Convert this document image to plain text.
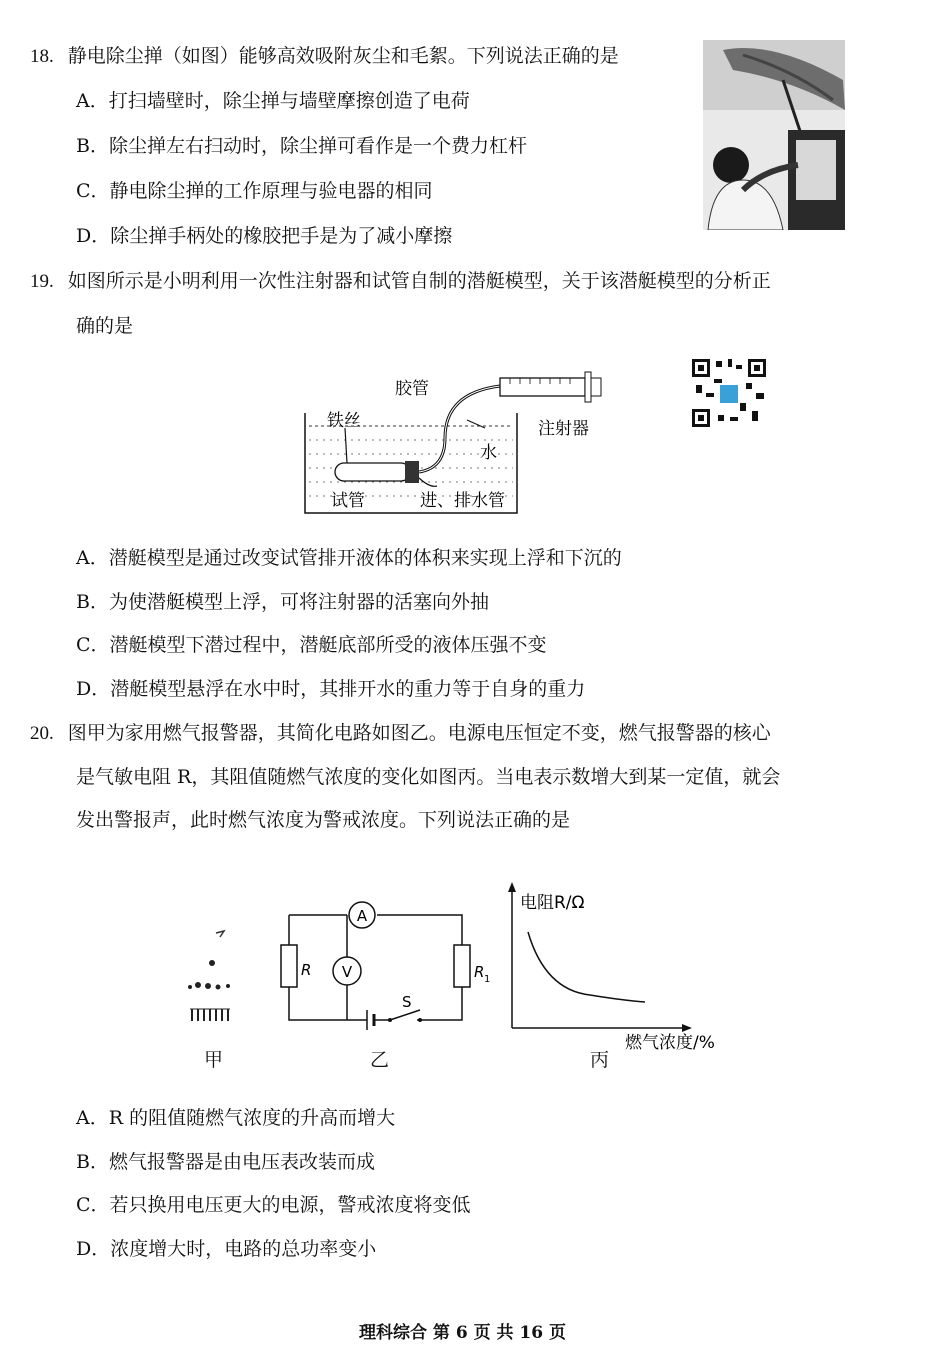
18. 静电除尘掸（如图）能够高效吸附灰尘和毛絮。下列说法正确的是
A．打扫墙壁时，除尘掸与墙壁摩擦创造了电荷
B．除尘掸左右扫动时，除尘掸可看作是一个费力杠杆
C．静电除尘掸的工作原理与验电器的相同
D．除尘掸手柄处的橡胶把手是为了减小摩擦
19. 如图所示是小明利用一次性注射器和试管自制的潜艇模型，关于该潜艇模型的分析正
确的是
胶管
铁丝	注射器
水
试管	进、排水管
A．潜艇模型是通过改变试管排开液体的体积来实现上浮和下沉的
B．为使潜艇模型上浮，可将注射器的活塞向外抽
C．潜艇模型下潜过程中，潜艇底部所受的液体压强不变
D．潜艇模型悬浮在水中时，其排开水的重力等于自身的重力
20. 图甲为家用燃气报警器，其简化电路如图乙。电源电压恒定不变，燃气报警器的核心
是气敏电阻 R，其阻值随燃气浓度的变化如图丙。当电表示数增大到某一定值，就会
发出警报声，此时燃气浓度为警戒浓度。下列说法正确的是
甲
A
V
R	R 1
S
乙
电阻R/Ω
燃气浓度/%
丙
A．R 的阻值随燃气浓度的升高而增大
B．燃气报警器是由电压表改装而成
C．若只换用电压更大的电源，警戒浓度将变低
D．浓度增大时，电路的总功率变小
理科综合 第 6 页 共 16 页
